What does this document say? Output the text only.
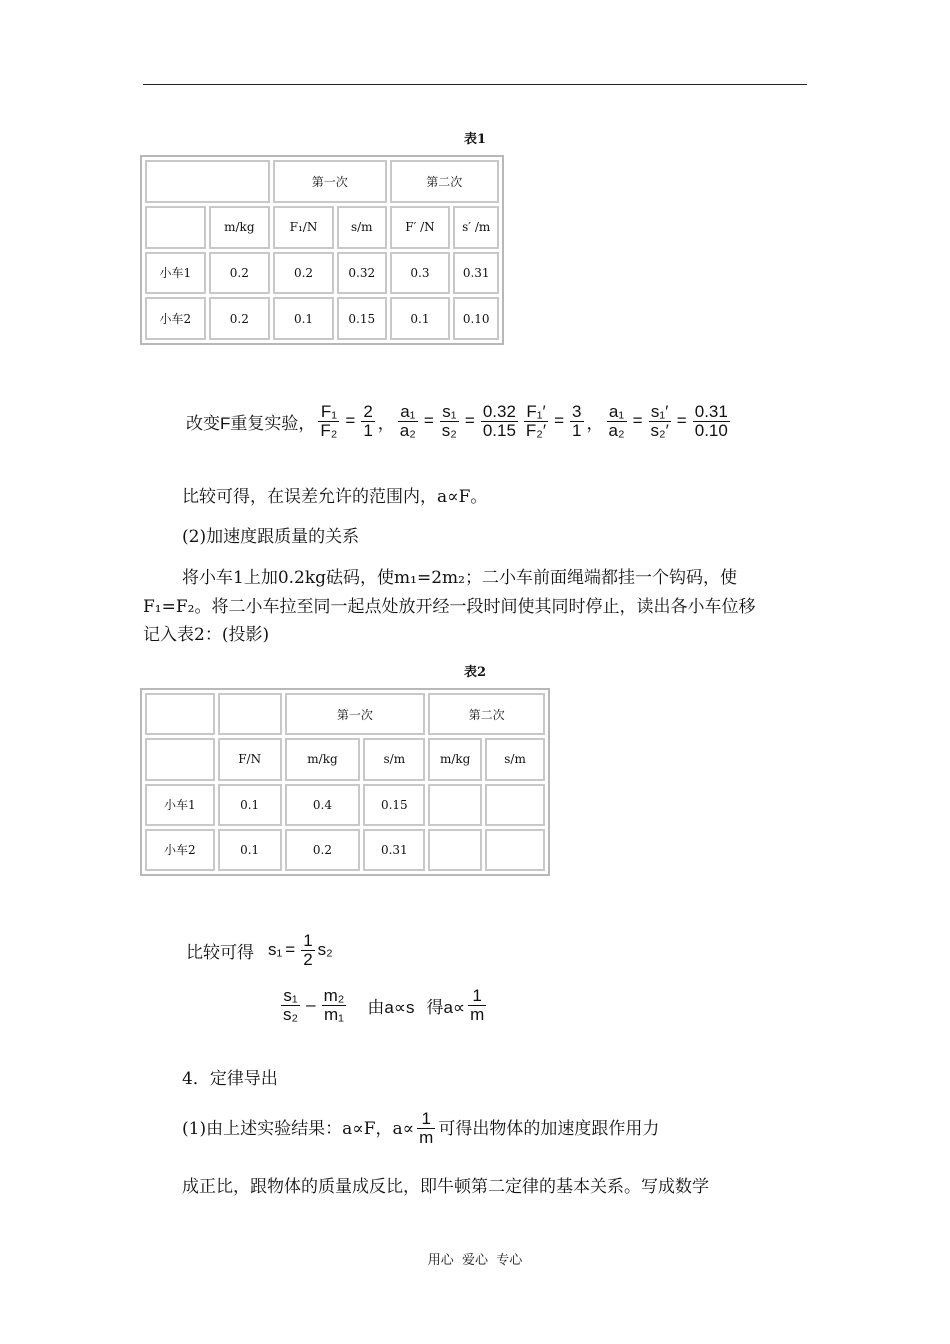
表1
		第一次		第二次	
	m/kg	F₁/N	s/m	F′ /N	s′ /m
小车1	0.2	0.2	0.32	0.3	0.31
小车2	0.2	0.1	0.15	0.1	0.10
改变F重复实验， $\frac{\text{F₁}}{\text{F₂}} = \frac{2}{1}$ ， $\frac{\text{a₁}}{\text{a₂}} = \frac{\text{s₁}}{\text{s₂}} = \frac{0.32}{0.15} \frac{\text{F₁′}}{\text{F₂′}} = \frac{3}{1}$ ， $\frac{\text{a₁}}{\text{a₂}} = \frac{\text{s₁′}}{\text{s₂′}} = \frac{0.31}{0.10}$
比较可得，在误差允许的范围内，a∝F。
(2)加速度跟质量的关系
将小车1上加0.2kg砝码，使m₁=2m₂；二小车前面绳端都挂一个钩码，使
F₁=F₂。将二小车拉至同一起点处放开经一段时间使其同时停止，读出各小车位移
记入表2：(投影)
表2
		第一次		第二次	
	F/N	m/kg	s/m	m/kg	s/m
小车1	0.1	0.4	0.15		
小车2	0.1	0.2	0.31		
比较可得 $s_1 = \frac{1}{2} s_2$
$\frac{\text{s₁}}{\text{s₂}} - \frac{\text{m₂}}{\text{m₁}}$ 由a∝s 得$a\propto \frac{1}{m}$
4．定律导出
(1)由上述实验结果：a∝F，$a\propto \frac{1}{m}$ 可得出物体的加速度跟作用力
成正比，跟物体的质量成反比，即牛顿第二定律的基本关系。写成数学
用心  爱心  专心
